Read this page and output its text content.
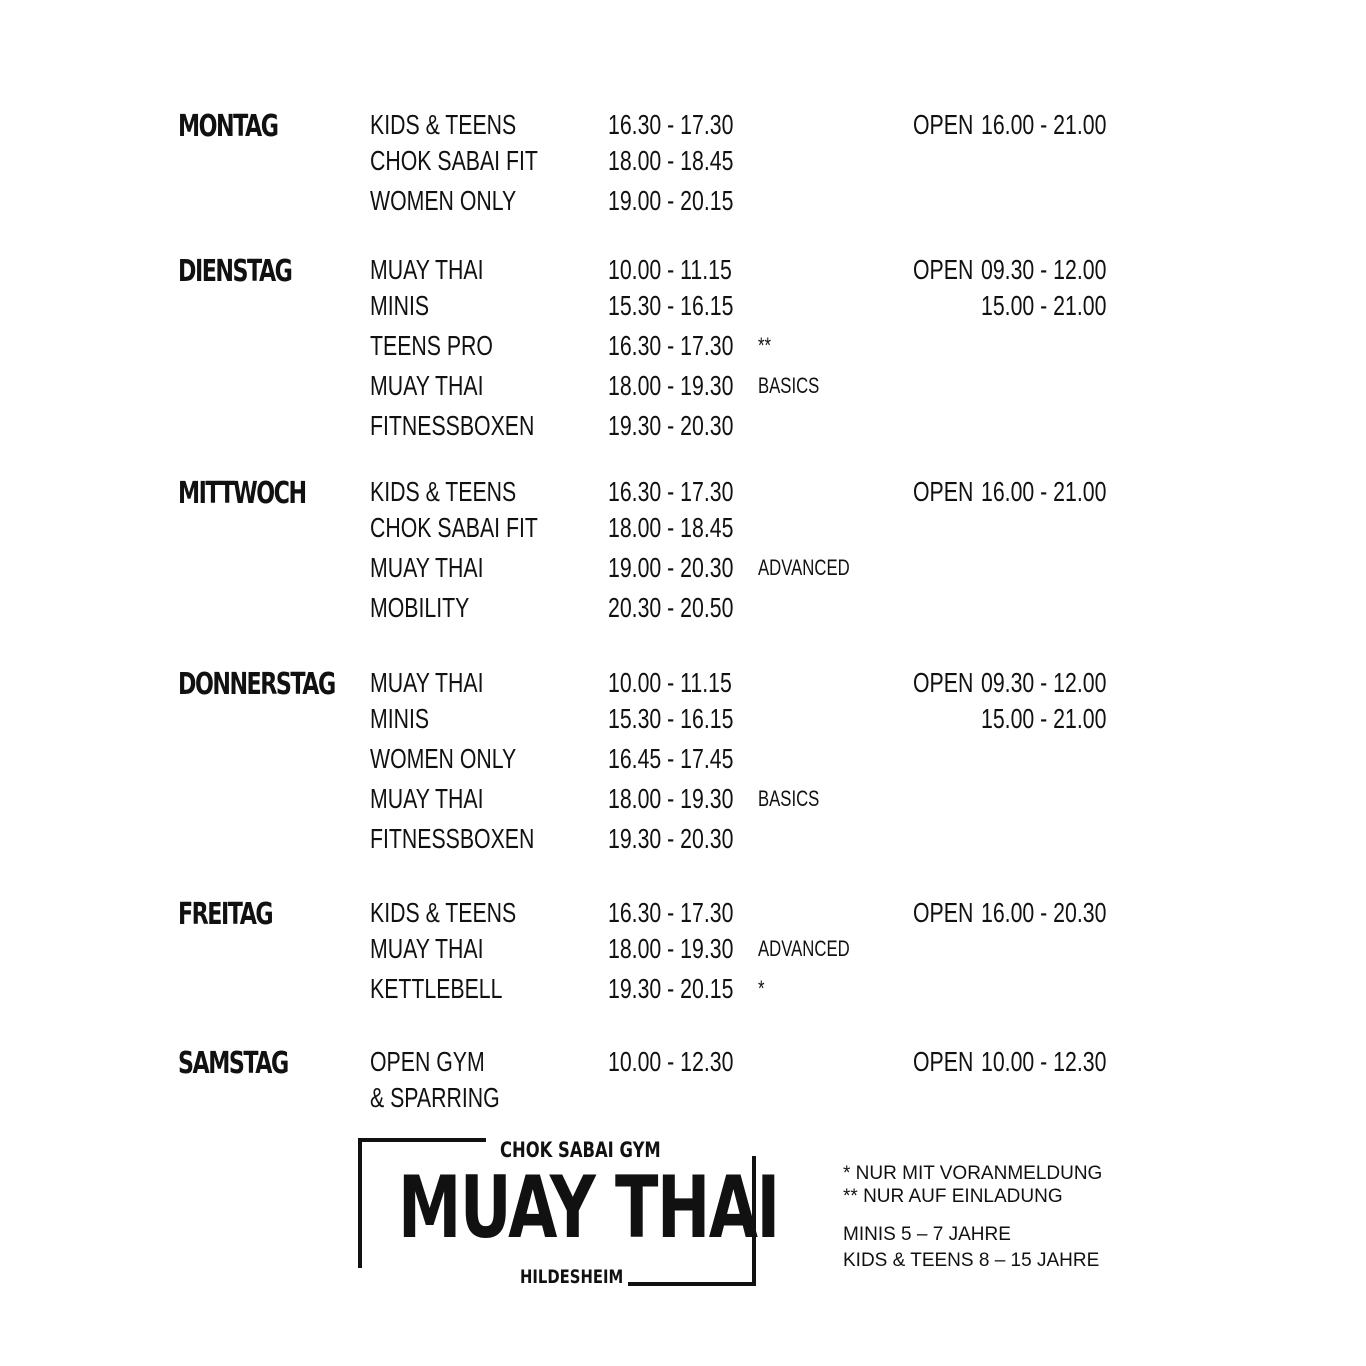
MONTAG	KIDS & TEENS	16.30 - 17.30	OPEN 16.00 - 21.00
CHOK SABAI FIT	18.00 - 18.45
WOMEN ONLY	19.00 - 20.15
DIENSTAG	MUAY THAI	10.00 - 11.15	OPEN 09.30 - 12.00
MINIS	15.30 - 16.15	15.00 - 21.00
TEENS PRO	16.30 - 17.30 **
MUAY THAI	18.00 - 19.30 BASICS
FITNESSBOXEN	19.30 - 20.30
MITTWOCH KIDS & TEENS	16.30 - 17.30	OPEN 16.00 - 21.00
CHOK SABAI FIT	18.00 - 18.45
MUAY THAI	19.00 - 20.30 ADVANCED
MOBILITY	20.30 - 20.50
DONNERSTAG MUAY THAI	10.00 - 11.15	OPEN 09.30 - 12.00
MINIS	15.30 - 16.15	15.00 - 21.00
WOMEN ONLY	16.45 - 17.45
MUAY THAI	18.00 - 19.30 BASICS
FITNESSBOXEN	19.30 - 20.30
FREITAG	KIDS & TEENS	16.30 - 17.30	OPEN 16.00 - 20.30
MUAY THAI	18.00 - 19.30 ADVANCED
KETTLEBELL	19.30 - 20.15 *
SAMSTAG	OPEN GYM	10.00 - 12.30	OPEN 10.00 - 12.30
& SPARRING
CHOK SABAI GYM
MUAY THAI
HILDESHEIM
* NUR MIT VORANMELDUNG
** NUR AUF EINLADUNG
MINIS 5 – 7 JAHRE
KIDS & TEENS 8 – 15 JAHRE
